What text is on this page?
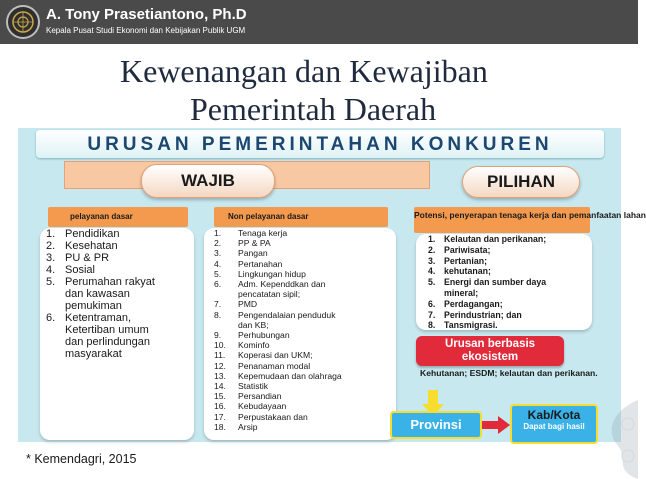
A. Tony Prasetiantono, Ph.D
Kepala Pusat Studi Ekonomi dan Kebijakan Publik UGM
Kewenangan dan Kewajiban
Pemerintah Daerah
URUSAN PEMERINTAHAN KONKUREN
WAJIB	PILIHAN
pelayanan dasar	Non pelayanan dasar	Potensi, penyerapan tenaga kerja dan pemanfaatan lahan
1. Pendidikan
2. Kesehatan
3. PU & PR
4. Sosial
5. Perumahan rakyat
dan kawasan
pemukiman
6. Ketentraman,
Ketertiban umum
dan perlindungan
masyarakat
1. Tenaga kerja
2. PP & PA
3. Pangan
4. Pertanahan
5. Lingkungan hidup
6. Adm. Kependdkan dan
pencatatan sipil;
7. PMD
8. Pengendalaian penduduk
dan KB;
9. Perhubungan
10. Kominfo
11. Koperasi dan UKM;
12. Penanaman modal
13. Kepemudaan dan olahraga
14. Statistik
15. Persandian
16. Kebudayaan
17. Perpustakaan dan
18. Arsip
1. Kelautan dan perikanan;
2. Pariwisata;
3. Pertanian;
4. kehutanan;
5. Energi dan sumber daya
mineral;
6. Perdagangan;
7. Perindustrian; dan
8. Tansmigrasi.
Urusan berbasis
ekosistem
Kehutanan; ESDM; kelautan dan perikanan.
Provinsi
Kab/Kota
Dapat bagi hasil
* Kemendagri, 2015
